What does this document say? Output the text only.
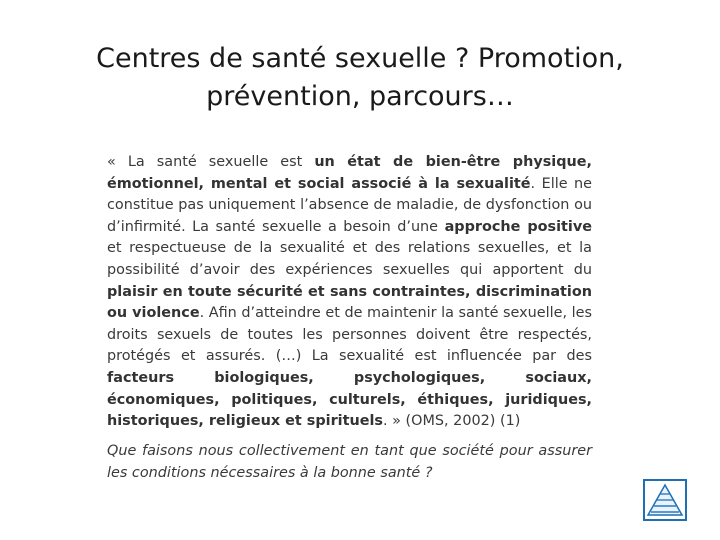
Centres de santé sexuelle ? Promotion,
prévention, parcours…

« La santé sexuelle est un état de bien-être physique, émotionnel, mental et social associé à la sexualité. Elle ne constitue pas uniquement l’absence de maladie, de dysfonction ou d’infirmité. La santé sexuelle a besoin d’une approche positive et respectueuse de la sexualité et des relations sexuelles, et la possibilité d’avoir des expériences sexuelles qui apportent du plaisir en toute sécurité et sans contraintes, discrimination ou violence. Afin d’atteindre et de maintenir la santé sexuelle, les droits sexuels de toutes les personnes doivent être respectés, protégés et assurés. (…) La sexualité est influencée par des facteurs biologiques, psychologiques, sociaux, économiques, politiques, culturels, éthiques, juridiques, historiques, religieux et spirituels. » (OMS, 2002) (1)

Que faisons nous collectivement en tant que société pour assurer les conditions nécessaires à la bonne santé ?
